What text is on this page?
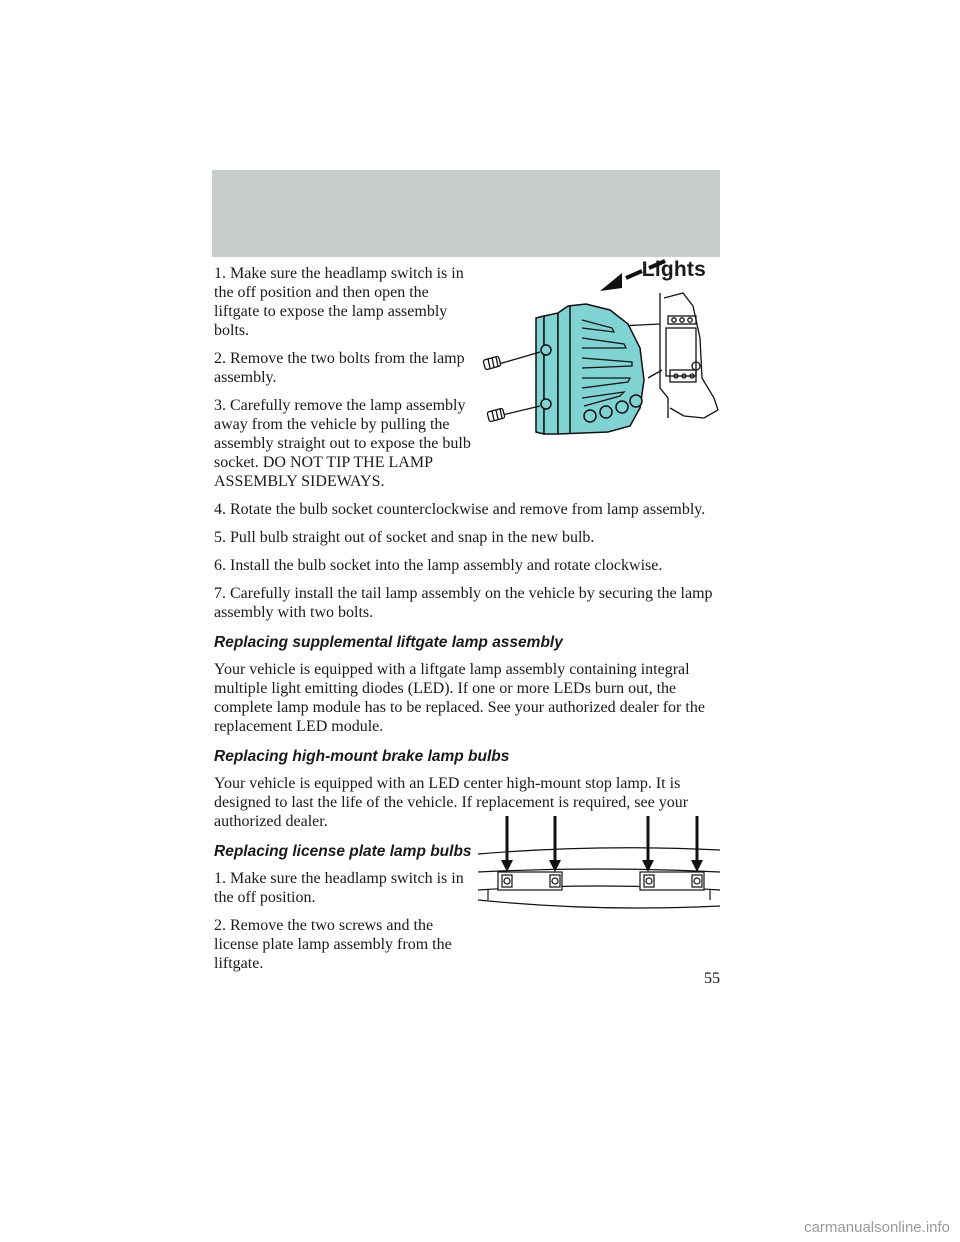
Lights

1. Make sure the headlamp switch is in the off position and then open the liftgate to expose the lamp assembly bolts.

2. Remove the two bolts from the lamp assembly.

3. Carefully remove the lamp assembly away from the vehicle by pulling the assembly straight out to expose the bulb socket. DO NOT TIP THE LAMP ASSEMBLY SIDEWAYS.

4. Rotate the bulb socket counterclockwise and remove from lamp assembly.

5. Pull bulb straight out of socket and snap in the new bulb.

6. Install the bulb socket into the lamp assembly and rotate clockwise.

7. Carefully install the tail lamp assembly on the vehicle by securing the lamp assembly with two bolts.

Replacing supplemental liftgate lamp assembly

Your vehicle is equipped with a liftgate lamp assembly containing integral multiple light emitting diodes (LED). If one or more LEDs burn out, the complete lamp module has to be replaced. See your authorized dealer for the replacement LED module.

Replacing high-mount brake lamp bulbs

Your vehicle is equipped with an LED center high-mount stop lamp. It is designed to last the life of the vehicle. If replacement is required, see your authorized dealer.

Replacing license plate lamp bulbs

1. Make sure the headlamp switch is in the off position.

2. Remove the two screws and the license plate lamp assembly from the liftgate.

55
carmanualsonline.info
